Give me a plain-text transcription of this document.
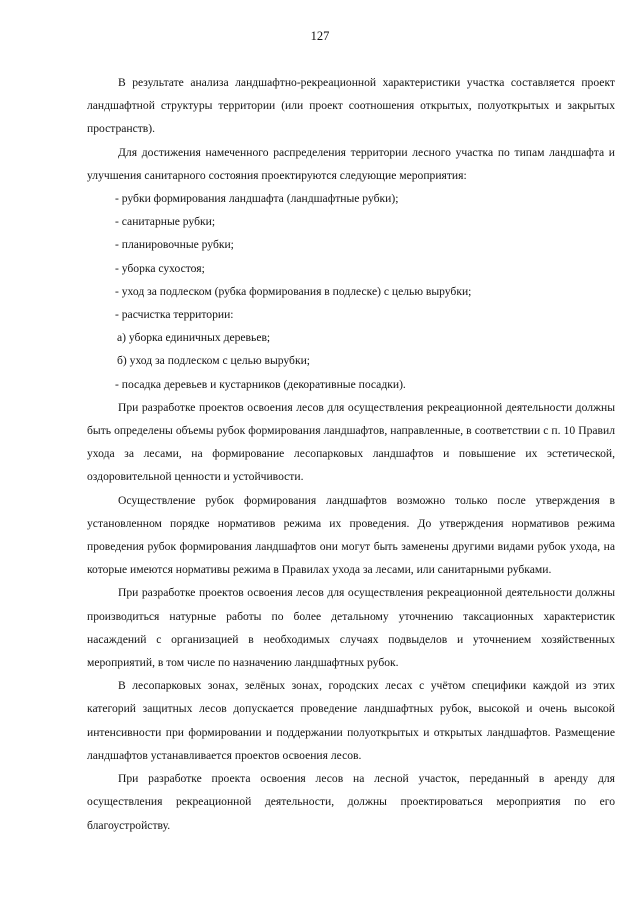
127

В результате анализа ландшафтно-рекреационной характеристики участка составляется проект ландшафтной структуры территории (или проект соотношения открытых, полуоткрытых и закрытых пространств).

Для достижения намеченного распределения территории лесного участка по типам ландшафта и улучшения санитарного состояния проектируются следующие мероприятия:

- рубки формирования ландшафта (ландшафтные рубки);
- санитарные рубки;
- планировочные рубки;
- уборка сухостоя;
- уход за подлеском (рубка формирования в подлеске) с целью вырубки;
- расчистка территории:
а) уборка единичных деревьев;
б) уход за подлеском с целью вырубки;
- посадка деревьев и кустарников (декоративные посадки).

При разработке проектов освоения лесов для осуществления рекреационной деятельности должны быть определены объемы рубок формирования ландшафтов, направленные, в соответствии с п. 10 Правил ухода за лесами, на формирование лесопарковых ландшафтов и повышение их эстетической, оздоровительной ценности и устойчивости.

Осуществление рубок формирования ландшафтов возможно только после утверждения в установленном порядке нормативов режима их проведения. До утверждения нормативов режима проведения рубок формирования ландшафтов они могут быть заменены другими видами рубок ухода, на которые имеются нормативы режима в Правилах ухода за лесами, или санитарными рубками.

При разработке проектов освоения лесов для осуществления рекреационной деятельности должны производиться натурные работы по более детальному уточнению таксационных характеристик насаждений с организацией в необходимых случаях подвыделов и уточнением хозяйственных мероприятий, в том числе по назначению ландшафтных рубок.

В лесопарковых зонах, зелёных зонах, городских лесах с учётом специфики каждой из этих категорий защитных лесов допускается проведение ландшафтных рубок, высокой и очень высокой интенсивности при формировании и поддержании полуоткрытых и открытых ландшафтов. Размещение ландшафтов устанавливается проектов освоения лесов.

При разработке проекта освоения лесов на лесной участок, переданный в аренду для осуществления рекреационной деятельности, должны проектироваться мероприятия по его благоустройству.
